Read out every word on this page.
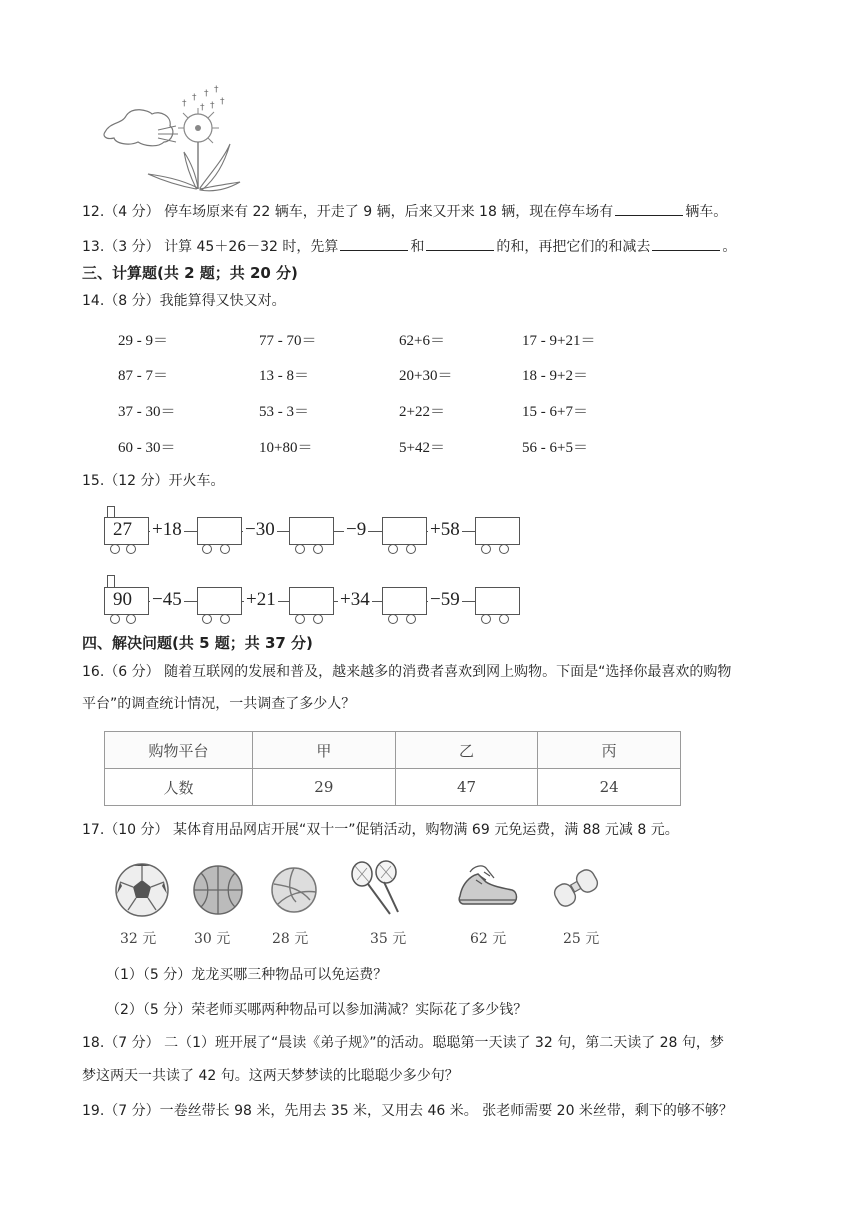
†
† † †
†
†
†
12.（4 分） 停车场原来有 22 辆车，开走了 9 辆，后来又开来 18 辆，现在停车场有	辆车。
13.（3 分） 计算 45＋26－32 时，先算	和	的和，再把它们的和减去	。
三、计算题(共 2 题；共 20 分)
14.（8 分）我能算得又快又对。
29 - 9＝	77 - 70＝	62+6＝	17 - 9+21＝
87 - 7＝	13 - 8＝	20+30＝	18 - 9+2＝
37 - 30＝	53 - 3＝	2+22＝	15 - 6+7＝
60 - 30＝	10+80＝	5+42＝	56 - 6+5＝
15.（12 分）开火车。
27 +18	−30	−9	+58
90 −45	+21	+34	−59
四、解决问题(共 5 题；共 37 分)
16.（6 分） 随着互联网的发展和普及，越来越多的消费者喜欢到网上购物。下面是“选择你最喜欢的购物
平台”的调查统计情况，一共调查了多少人？
购物平台	甲	乙	丙
人数	29	47	24
17.（10 分） 某体育用品网店开展“双十一”促销活动，购物满 69 元免运费，满 88 元减 8 元。
32 元	30 元	28 元	35 元	62 元	25 元
（1）（5 分）龙龙买哪三种物品可以免运费？
（2）（5 分）荣老师买哪两种物品可以参加满减？实际花了多少钱？
18.（7 分） 二（1）班开展了“晨读《弟子规》”的活动。聪聪第一天读了 32 句，第二天读了 28 句，梦
梦这两天一共读了 42 句。这两天梦梦读的比聪聪少多少句？
19.（7 分）一卷丝带长 98 米，先用去 35 米，又用去 46 米。 张老师需要 20 米丝带，剩下的够不够？
